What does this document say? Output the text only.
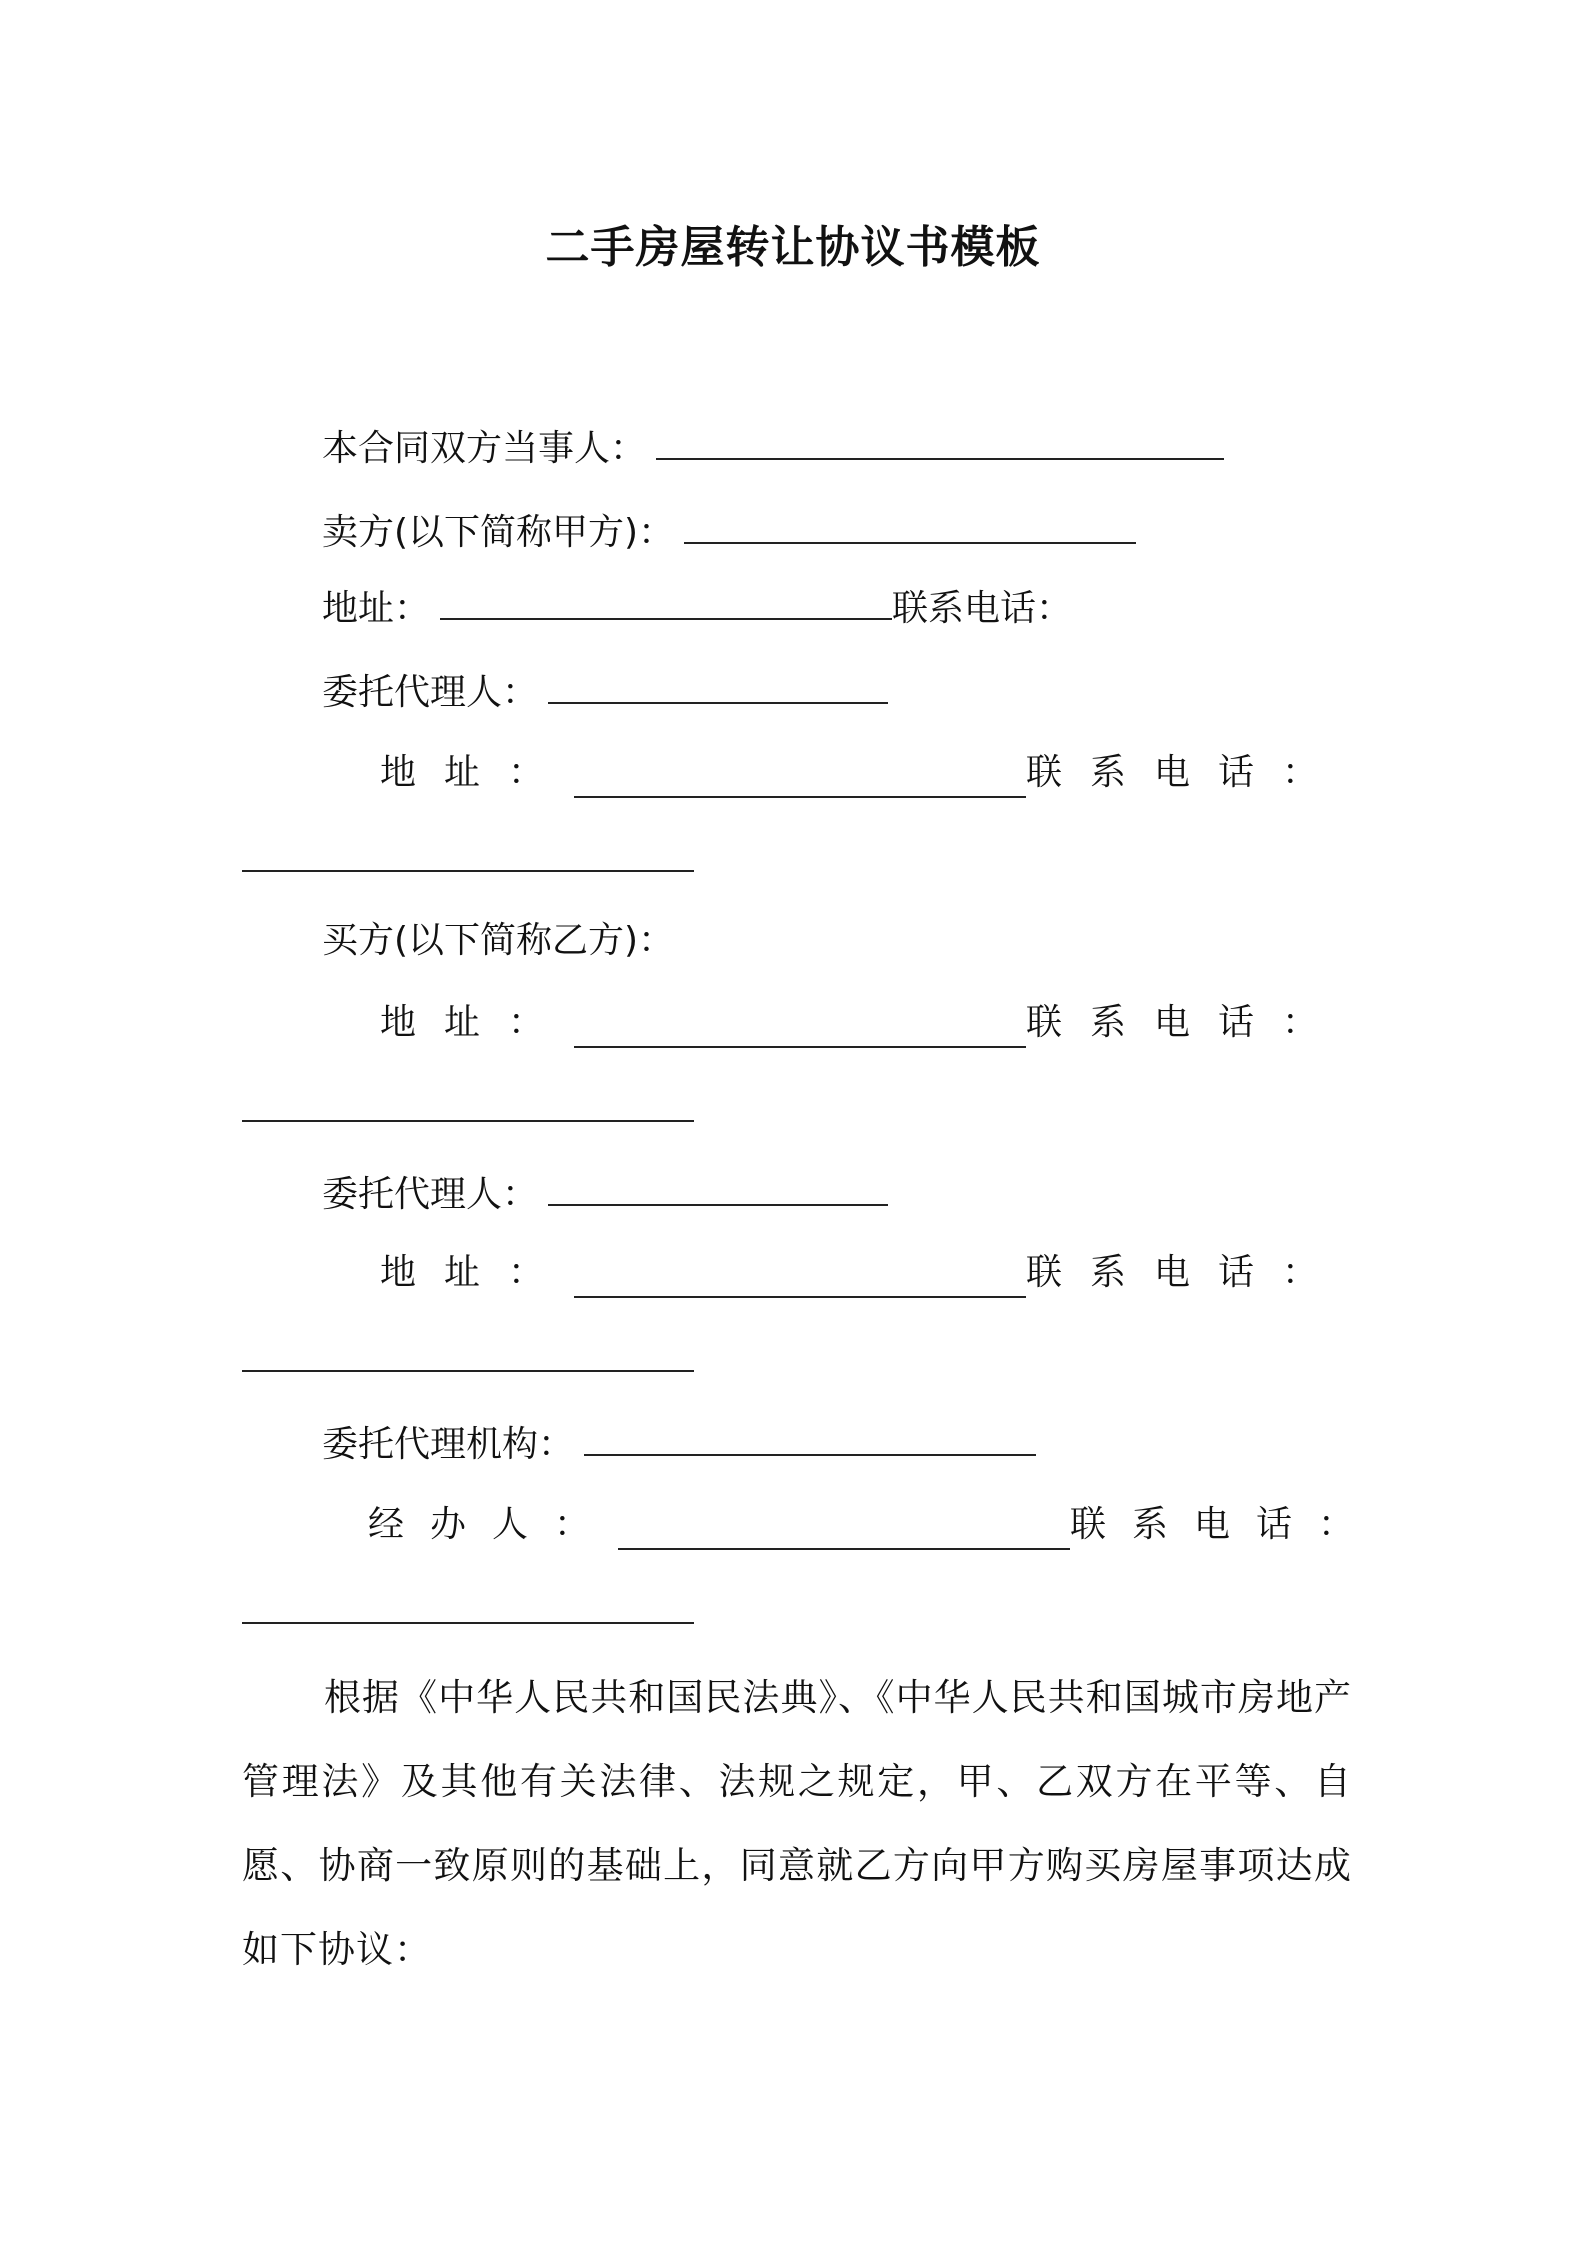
二手房屋转让协议书模板
本合同双方当事人：
卖方(以下简称甲方)：
地址：	联系电话：
委托代理人：
地址：	联系电话：
买方(以下简称乙方)：
地址：	联系电话：
委托代理人：
地址：	联系电话：
委托代理机构：
经办人：	联系电话：
根据《中华人民共和国民法典》、《中华人民共和国城市房地产管理法》及其他有关法律、法规之规定，甲、乙双方在平等、自愿、协商一致原则的基础上，同意就乙方向甲方购买房屋事项达成如下协议：
